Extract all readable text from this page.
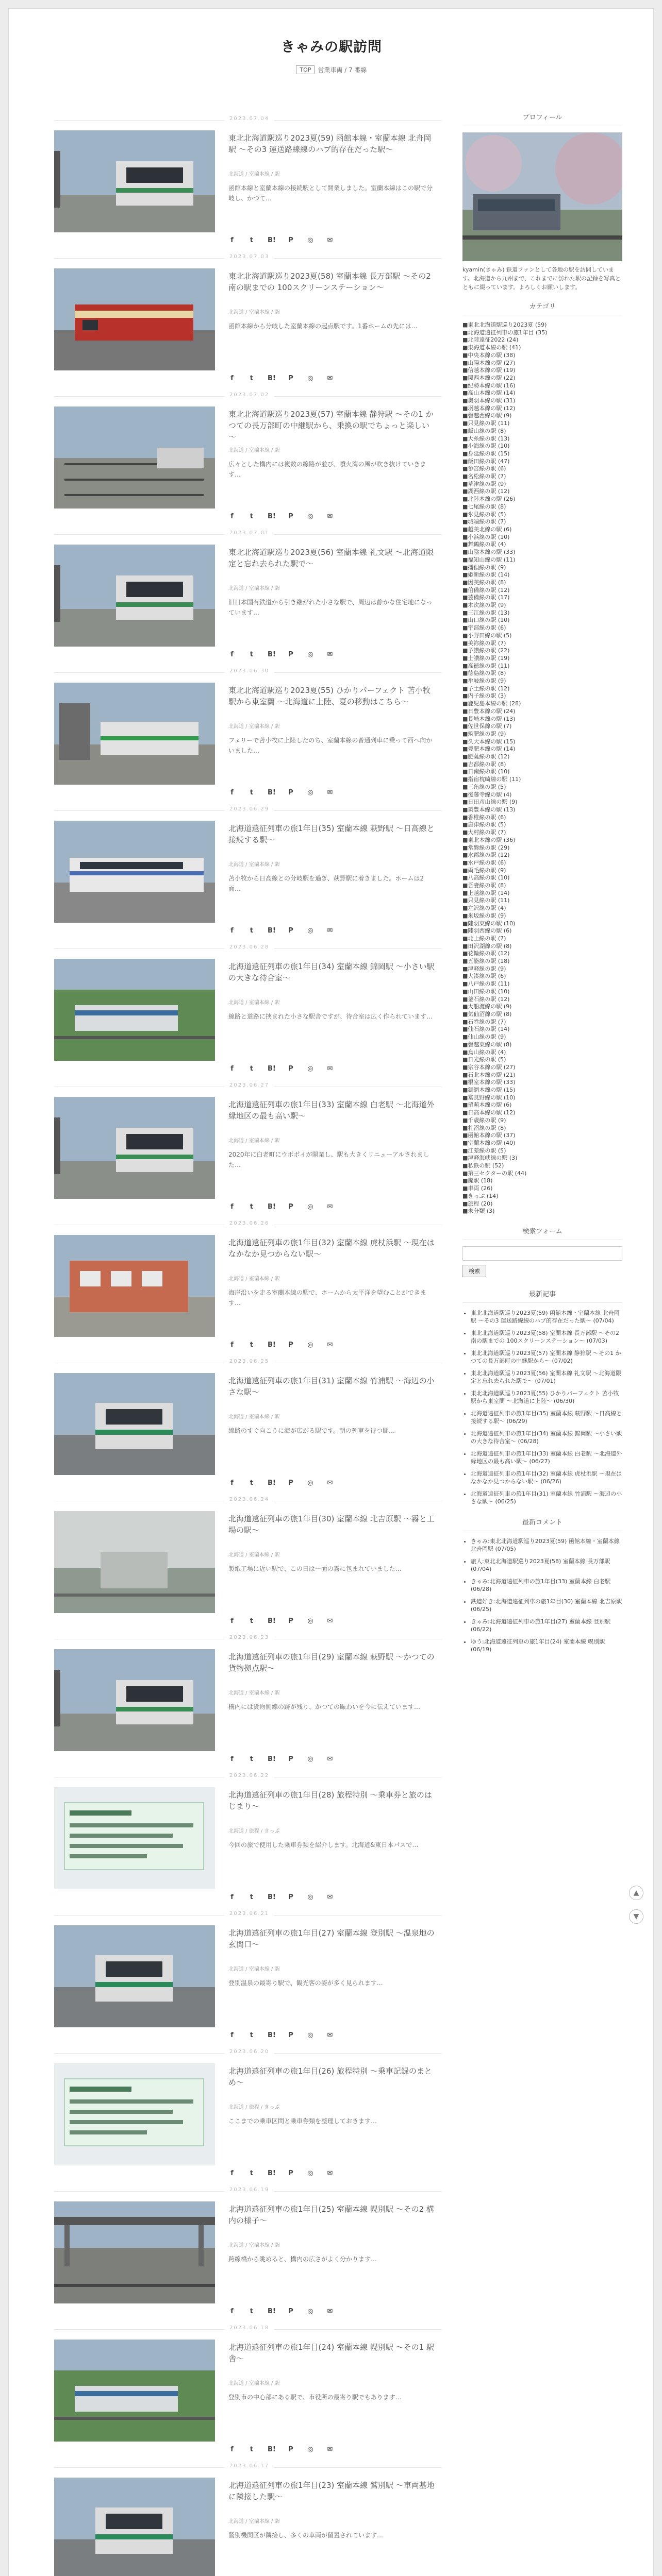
きゃみの駅訪問
TOP	営業車両 / 7 番線
2023.07.04
東北北海道駅巡り2023夏(59) 函館本線・室蘭本線 北舟岡駅 ～その3 運送路線線のハブ的存在だった駅～
北海道 / 室蘭本線 / 駅

函館本線と室蘭本線の接続駅として開業しました。室蘭本線はこの駅で分岐し、かつて…

f	t B! P ◎ ✉
2023.07.03
東北北海道駅巡り2023夏(58) 室蘭本線 長万部駅 ～その2 南の駅までの 100スクリーンステーション～
北海道 / 室蘭本線 / 駅

函館本線から分岐した室蘭本線の起点駅です。1番ホームの先には…

f	t B! P ◎ ✉
2023.07.02
東北北海道駅巡り2023夏(57) 室蘭本線 静狩駅 ～その1 かつての長万部町の中継駅から、乗換の駅でちょっと楽しい～
北海道 / 室蘭本線 / 駅

広々とした構内には複数の線路が並び、噴火湾の風が吹き抜けていきます…

f	t B! P ◎ ✉
2023.07.01
東北北海道駅巡り2023夏(56) 室蘭本線 礼文駅 ～北海道限定と忘れ去られた駅で～
北海道 / 室蘭本線 / 駅

旧日本国有鉄道から引き継がれた小さな駅で、周辺は静かな住宅地になっています…

f	t B! P ◎ ✉
2023.06.30
東北北海道駅巡り2023夏(55) ひかりパーフェクト 苫小牧駅から東室蘭 ～北海道に上陸、夏の移動はこちら～
北海道 / 室蘭本線 / 駅

フェリーで苫小牧に上陸したのち、室蘭本線の普通列車に乗って西へ向かいました…

f	t B! P ◎ ✉
2023.06.29
北海道遠征列車の旅1年目(35) 室蘭本線 萩野駅 ～日高線と接続する駅～
北海道 / 室蘭本線 / 駅

苫小牧から日高線との分岐駅を過ぎ、萩野駅に着きました。ホームは2面…

f	t B! P ◎ ✉
2023.06.28
北海道遠征列車の旅1年目(34) 室蘭本線 錦岡駅 ～小さい駅の大きな待合室～
北海道 / 室蘭本線 / 駅

線路と道路に挟まれた小さな駅舎ですが、待合室は広く作られています…

f	t B! P ◎ ✉
2023.06.27
北海道遠征列車の旅1年目(33) 室蘭本線 白老駅 ～北海道外縁地区の最も高い駅～
北海道 / 室蘭本線 / 駅

2020年に白老町にウポポイが開業し、駅も大きくリニューアルされました…

f	t B! P ◎ ✉
2023.06.26
北海道遠征列車の旅1年目(32) 室蘭本線 虎杖浜駅 ～現在はなかなか見つからない駅～
北海道 / 室蘭本線 / 駅

海岸沿いを走る室蘭本線の駅で、ホームから太平洋を望むことができます…

f	t B! P ◎ ✉
2023.06.25
北海道遠征列車の旅1年目(31) 室蘭本線 竹浦駅 ～海辺の小さな駅～
北海道 / 室蘭本線 / 駅

線路のすぐ向こうに海が広がる駅です。朝の列車を待つ間…

f	t B! P ◎ ✉
2023.06.24
北海道遠征列車の旅1年目(30) 室蘭本線 北吉原駅 ～霧と工場の駅～
北海道 / 室蘭本線 / 駅

製紙工場に近い駅で、この日は一面の霧に包まれていました…

f	t B! P ◎ ✉
2023.06.23
北海道遠征列車の旅1年目(29) 室蘭本線 萩野駅 ～かつての貨物拠点駅～
北海道 / 室蘭本線 / 駅

構内には貨物側線の跡が残り、かつての賑わいを今に伝えています…

f	t B! P ◎ ✉
2023.06.22
北海道遠征列車の旅1年目(28) 旅程特別 ～乗車券と旅のはじまり～
北海道 / 旅程 / きっぷ

今回の旅で使用した乗車券類を紹介します。北海道&東日本パスで…

f	t B! P ◎ ✉
2023.06.21
北海道遠征列車の旅1年目(27) 室蘭本線 登別駅 ～温泉地の玄関口～
北海道 / 室蘭本線 / 駅

登別温泉の最寄り駅で、観光客の姿が多く見られます…

f	t B! P ◎ ✉
2023.06.20
北海道遠征列車の旅1年目(26) 旅程特別 ～乗車記録のまとめ～
北海道 / 旅程 / きっぷ

ここまでの乗車区間と乗車券類を整理しておきます…

f	t B! P ◎ ✉
2023.06.19
北海道遠征列車の旅1年目(25) 室蘭本線 幌別駅 ～その2 構内の様子～
北海道 / 室蘭本線 / 駅

跨線橋から眺めると、構内の広さがよく分かります…

f	t B! P ◎ ✉
2023.06.18
北海道遠征列車の旅1年目(24) 室蘭本線 幌別駅 ～その1 駅舎～
北海道 / 室蘭本線 / 駅

登別市の中心部にある駅で、市役所の最寄り駅でもあります…

f	t B! P ◎ ✉
2023.06.17
北海道遠征列車の旅1年目(23) 室蘭本線 鷲別駅 ～車両基地に隣接した駅～
北海道 / 室蘭本線 / 駅

鷲別機関区が隣接し、多くの車両が留置されています…

プロフィール
kyamin(きゃみ) 鉄道ファンとして各地の駅を訪問しています。北海道から九州まで、これまでに訪れた駅の記録を写真とともに綴っています。よろしくお願いします。
カテゴリ
■東北北海道駅巡り2023夏 (59)
■北海道遠征列車の旅1年目 (35)
■北陸遠征2022 (24)
■東海道本線の駅 (41)
■中央本線の駅 (38)
■山陽本線の駅 (27)
■信越本線の駅 (19)
■関西本線の駅 (22)
■紀勢本線の駅 (16)
■高山本線の駅 (14)
■奥羽本線の駅 (31)
■羽越本線の駅 (12)
■磐越西線の駅 (9)
■只見線の駅 (11)
■飯山線の駅 (8)
■大糸線の駅 (13)
■小海線の駅 (10)
■身延線の駅 (15)
■飯田線の駅 (47)
■参宮線の駅 (6)
■名松線の駅 (7)
■草津線の駅 (9)
■湖西線の駅 (12)
■北陸本線の駅 (26)
■七尾線の駅 (8)
■氷見線の駅 (5)
■城端線の駅 (7)
■越美北線の駅 (6)
■小浜線の駅 (10)
■舞鶴線の駅 (4)
■山陰本線の駅 (33)
■福知山線の駅 (11)
■播但線の駅 (9)
■姫新線の駅 (14)
■因美線の駅 (8)
■伯備線の駅 (12)
■芸備線の駅 (17)
■木次線の駅 (9)
■三江線の駅 (13)
■山口線の駅 (10)
■宇部線の駅 (6)
■小野田線の駅 (5)
■美祢線の駅 (7)
■予讃線の駅 (22)
■土讃線の駅 (19)
■高徳線の駅 (11)
■徳島線の駅 (8)
■牟岐線の駅 (9)
■予土線の駅 (12)
■内子線の駅 (3)
■鹿児島本線の駅 (28)
■日豊本線の駅 (24)
■長崎本線の駅 (13)
■佐世保線の駅 (7)
■筑肥線の駅 (9)
■久大本線の駅 (15)
■豊肥本線の駅 (14)
■肥薩線の駅 (12)
■吉都線の駅 (8)
■日南線の駅 (10)
■指宿枕崎線の駅 (11)
■三角線の駅 (5)
■後藤寺線の駅 (4)
■日田彦山線の駅 (9)
■筑豊本線の駅 (13)
■香椎線の駅 (6)
■唐津線の駅 (5)
■大村線の駅 (7)
■東北本線の駅 (36)
■常磐線の駅 (29)
■水郡線の駅 (12)
■水戸線の駅 (6)
■両毛線の駅 (9)
■八高線の駅 (10)
■吾妻線の駅 (8)
■上越線の駅 (14)
■只見線の駅 (11)
■左沢線の駅 (4)
■米坂線の駅 (9)
■陸羽東線の駅 (10)
■陸羽西線の駅 (6)
■北上線の駅 (7)
■田沢湖線の駅 (8)
■花輪線の駅 (12)
■五能線の駅 (18)
■津軽線の駅 (9)
■大湊線の駅 (6)
■八戸線の駅 (11)
■山田線の駅 (10)
■釜石線の駅 (12)
■大船渡線の駅 (9)
■気仙沼線の駅 (8)
■石巻線の駅 (7)
■仙石線の駅 (14)
■仙山線の駅 (9)
■磐越東線の駅 (8)
■烏山線の駅 (4)
■日光線の駅 (5)
■宗谷本線の駅 (27)
■石北本線の駅 (21)
■根室本線の駅 (33)
■釧網本線の駅 (15)
■富良野線の駅 (10)
■留萌本線の駅 (6)
■日高本線の駅 (12)
■千歳線の駅 (9)
■札沼線の駅 (8)
■函館本線の駅 (37)
■室蘭本線の駅 (40)
■江差線の駅 (5)
■津軽海峡線の駅 (3)
■私鉄の駅 (52)
■第三セクターの駅 (44)
■廃駅 (18)
■車両 (26)
■きっぷ (14)
■旅程 (20)
■未分類 (3)
検索フォーム
検索
最新記事
• 東北北海道駅巡り2023夏(59) 函館本線・室蘭本線 北舟岡駅 ～その3 運送路線線のハブ的存在だった駅～ (07/04)
• 東北北海道駅巡り2023夏(58) 室蘭本線 長万部駅 ～その2 南の駅までの 100スクリーンステーション～ (07/03)
• 東北北海道駅巡り2023夏(57) 室蘭本線 静狩駅 ～その1 かつての長万部町の中継駅から～ (07/02)
• 東北北海道駅巡り2023夏(56) 室蘭本線 礼文駅 ～北海道限定と忘れ去られた駅で～ (07/01)
• 東北北海道駅巡り2023夏(55) ひかりパーフェクト 苫小牧駅から東室蘭 ～北海道に上陸～ (06/30)
• 北海道遠征列車の旅1年目(35) 室蘭本線 萩野駅 ～日高線と接続する駅～ (06/29)
• 北海道遠征列車の旅1年目(34) 室蘭本線 錦岡駅 ～小さい駅の大きな待合室～ (06/28)
• 北海道遠征列車の旅1年目(33) 室蘭本線 白老駅 ～北海道外縁地区の最も高い駅～ (06/27)
• 北海道遠征列車の旅1年目(32) 室蘭本線 虎杖浜駅 ～現在はなかなか見つからない駅～ (06/26)
• 北海道遠征列車の旅1年目(31) 室蘭本線 竹浦駅 ～海辺の小さな駅～ (06/25)
最新コメント
• きゃみ:東北北海道駅巡り2023夏(59) 函館本線・室蘭本線 北舟岡駅 (07/05)
• 旅人:東北北海道駅巡り2023夏(58) 室蘭本線 長万部駅 (07/04)
• きゃみ:北海道遠征列車の旅1年目(33) 室蘭本線 白老駅 (06/28)
• 鉄道好き:北海道遠征列車の旅1年目(30) 室蘭本線 北吉原駅 (06/25)
• きゃみ:北海道遠征列車の旅1年目(27) 室蘭本線 登別駅 (06/22)
• ゆう:北海道遠征列車の旅1年目(24) 室蘭本線 幌別駅 (06/19)
▲
▼
